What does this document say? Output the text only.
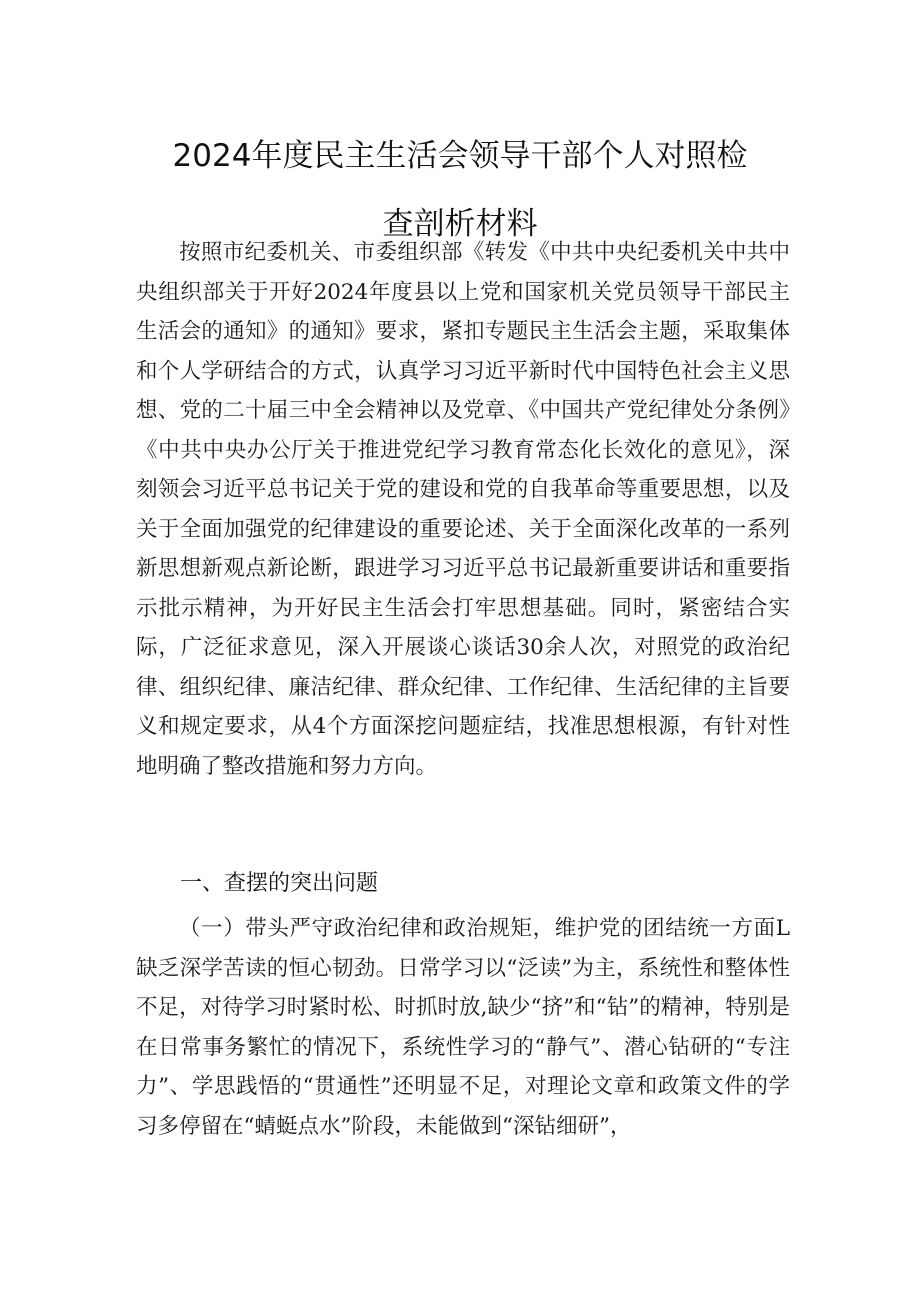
2024年度民主生活会领导干部个人对照检
查剖析材料

按照市纪委机关、市委组织部《转发《中共中央纪委机关中共中央组织部关于开好2024年度县以上党和国家机关党员领导干部民主生活会的通知》的通知》要求，紧扣专题民主生活会主题，采取集体和个人学研结合的方式，认真学习习近平新时代中国特色社会主义思想、党的二十届三中全会精神以及党章、《中国共产党纪律处分条例》《中共中央办公厅关于推进党纪学习教育常态化长效化的意见》，深刻领会习近平总书记关于党的建设和党的自我革命等重要思想，以及关于全面加强党的纪律建设的重要论述、关于全面深化改革的一系列新思想新观点新论断，跟进学习习近平总书记最新重要讲话和重要指示批示精神，为开好民主生活会打牢思想基础。同时，紧密结合实际，广泛征求意见，深入开展谈心谈话30余人次，对照党的政治纪律、组织纪律、廉洁纪律、群众纪律、工作纪律、生活纪律的主旨要义和规定要求，从4个方面深挖问题症结，找准思想根源，有针对性地明确了整改措施和努力方向。

一、查摆的突出问题

（一）带头严守政治纪律和政治规矩，维护党的团结统一方面L缺乏深学苦读的恒心韧劲。日常学习以“泛读”为主，系统性和整体性不足，对待学习时紧时松、时抓时放,缺少“挤”和“钻”的精神，特别是在日常事务繁忙的情况下，系统性学习的“静气”、潜心钻研的“专注力”、学思践悟的“贯通性”还明显不足，对理论文章和政策文件的学习多停留在“蜻蜓点水”阶段，未能做到“深钻细研”，
